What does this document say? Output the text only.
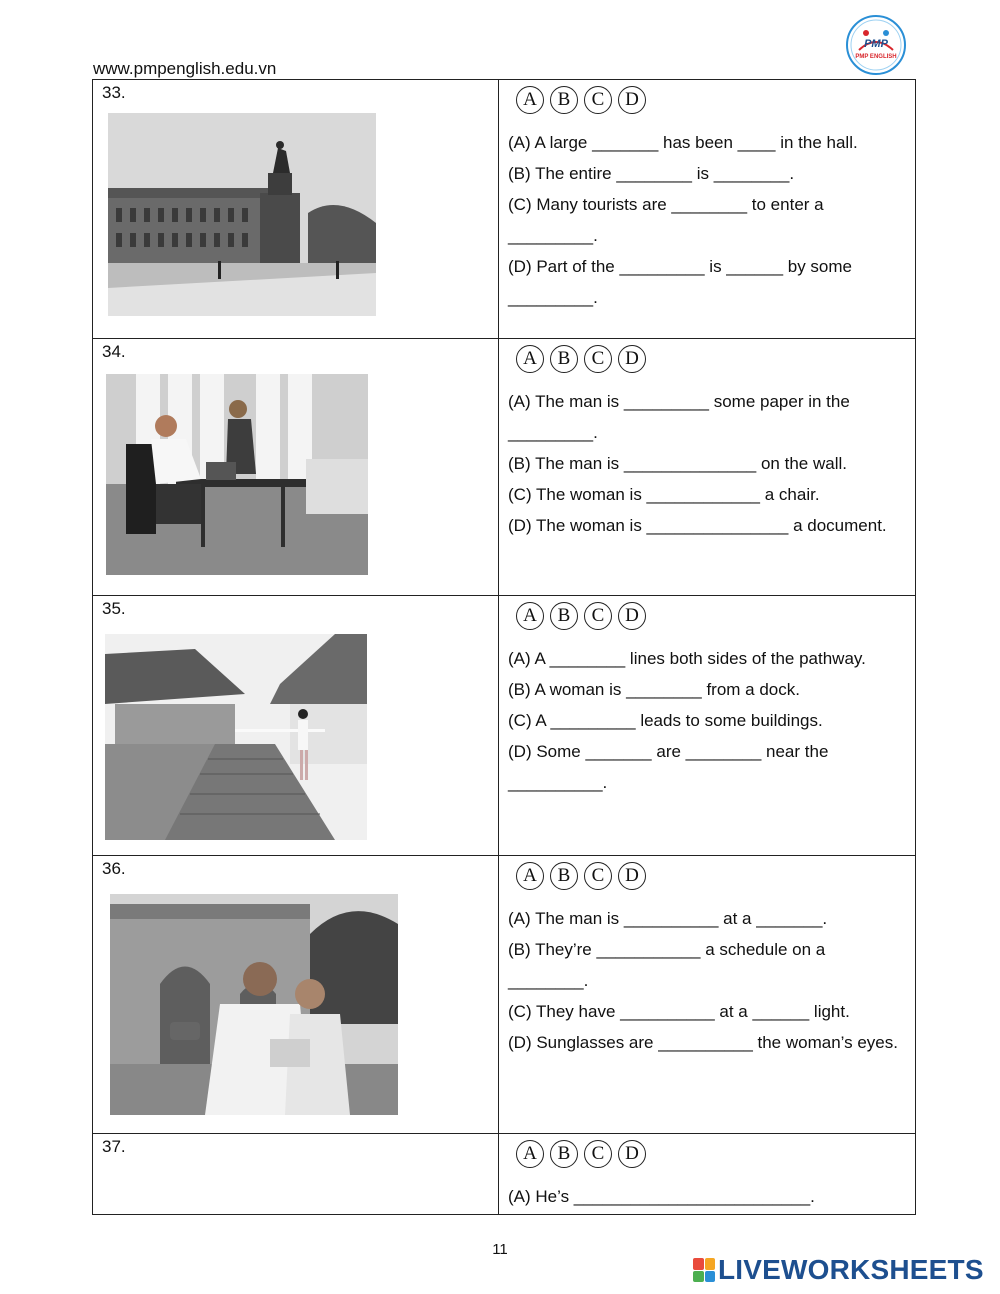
www.pmpenglish.edu.vn
PMP
PMP ENGLISH
33.	A	B	C	D

(A) A large _______ has been ____ in the hall.

(B) The entire ________ is ________.

(C) Many tourists are ________ to enter a _________.

(D) Part of the _________ is ______ by some _________.

34.	A	B	C	D

(A) The man is _________ some paper in the _________.

(B) The man is ______________ on the wall.

(C) The woman is ____________ a chair.

(D) The woman is _______________ a document.

35.	A	B	C	D

(A) A ________ lines both sides of the pathway.

(B) A woman is ________ from a dock.

(C) A _________ leads to some buildings.

(D) Some _______ are ________ near the __________.

36.	A	B	C	D

(A) The man is __________ at a _______.

(B) They’re ___________ a schedule on a ________.

(C) They have __________ at a ______ light.

(D) Sunglasses are __________ the woman’s eyes.

37.	A	B	C	D

(A) He’s _________________________.

11
LIVEWORKSHEETS
